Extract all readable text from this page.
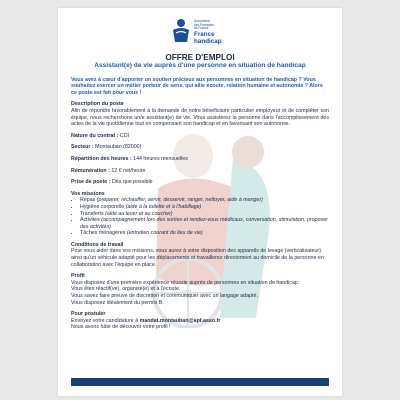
Association
des Paralysés
de France
France
handicap
OFFRE D'EMPLOI
Assistant(e) de vie auprès d'une personne en situation de handicap

Vous avez à cœur d'apporter un soutien précieux aux personnes en situation de handicap ? Vous souhaitez exercer un métier porteur de sens, qui allie écoute, relation humaine et autonomie ? Alors ce poste est fait pour vous !

Description du poste

Afin de répondre favorablement à la demande de notre bénéficiaire particulier employeur et de compléter son équipe, nous recherchons un/e assistant(e) de vie. Vous assisterez la personne dans l'accomplissement des actes de la vie quotidienne tout en compensant son handicap et en favorisant son autonomie.

Nature du contrat : CDI
Secteur : Montauban (82000)
Répartition des heures : 144 heures mensuelles
Rémunération : 12 € net/heure
Prise de poste : Dès que possible
Vos missions
• Repas (préparer, réchauffer, servir, desservir, ranger, nettoyer, aide à manger)
• Hygiène corporelle (aide à la toilette et à l'habillage)
• Transferts (aide au lever et au coucher)
• Activités (accompagnement lors des sorties et rendez-vous médicaux, conversation, stimulation, proposer des activités)
• Tâches ménagères (entretien courant du lieu de vie)
Conditions de travail

Pour vous aider dans vos missions, vous aurez à votre disposition des appareils de levage (verticalisateur) ainsi qu'un véhicule adapté pour les déplacements et travaillerez directement au domicile de la personne en collaboration avec l'équipe en place.

Profil
Vous disposez d'une première expérience réussie auprès de personnes en situation de handicap.
Vous êtes réactif(ve), organisé(e) et à l'écoute.
Vous savez faire preuve de discrétion et communiquer avec un langage adapté.
Vous disposez idéalement du permis B.
Pour postuler
Envoyez votre candidature à mandat.montauban@apf.asso.fr
Nous avons hâte de découvrir votre profil !
